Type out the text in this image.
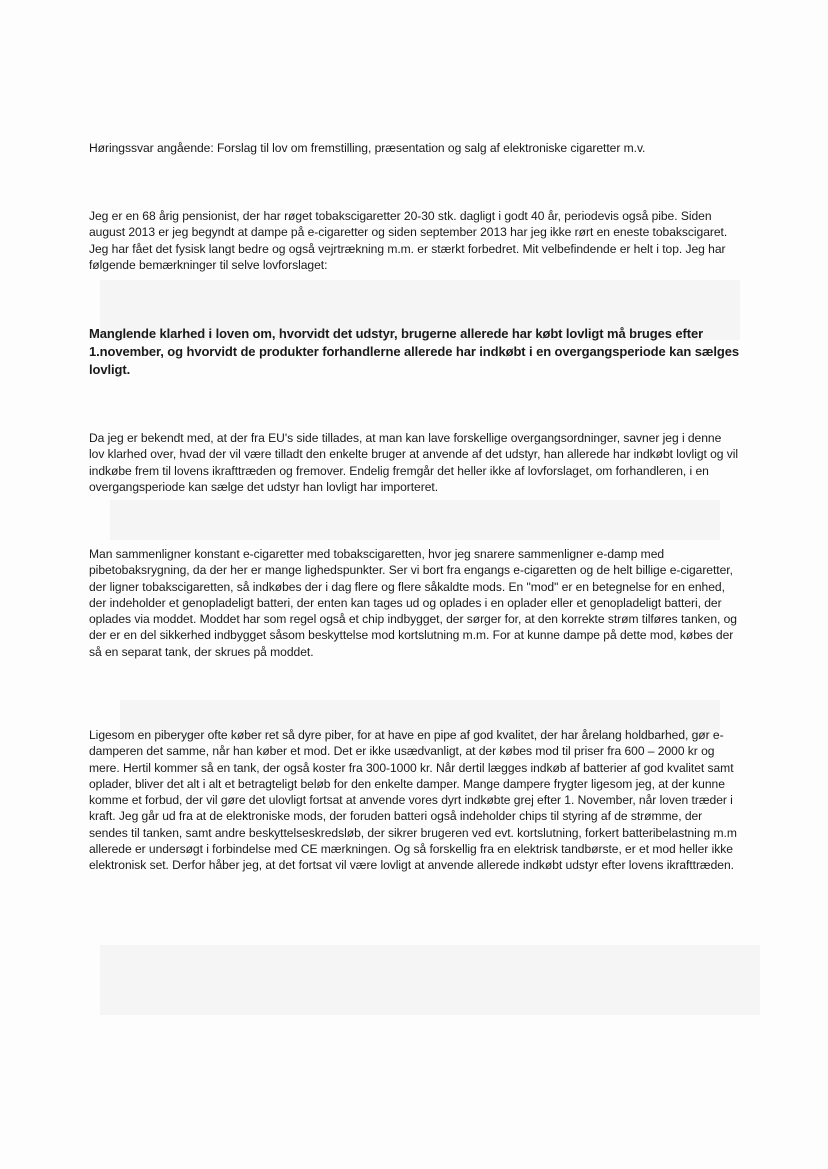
Høringssvar angående: Forslag til lov om fremstilling, præsentation og salg af elektroniske cigaretter m.v.

Jeg er en 68 årig pensionist, der har røget tobakscigaretter 20-30 stk. dagligt i godt 40 år, periodevis også pibe. Siden august 2013 er jeg begyndt at dampe på e-cigaretter og siden september 2013 har jeg ikke rørt en eneste tobakscigaret. Jeg har fået det fysisk langt bedre og også vejrtrækning m.m. er stærkt forbedret. Mit velbefindende er helt i top. Jeg har følgende bemærkninger til selve lovforslaget:

Manglende klarhed i loven om, hvorvidt det udstyr, brugerne allerede har købt lovligt må bruges efter 1.november, og hvorvidt de produkter forhandlerne allerede har indkøbt i en overgangsperiode kan sælges lovligt.

Da jeg er bekendt med, at der fra EU's side tillades, at man kan lave forskellige overgangsordninger, savner jeg i denne lov klarhed over, hvad der vil være tilladt den enkelte bruger at anvende af det udstyr, han allerede har indkøbt lovligt og vil indkøbe frem til lovens ikrafttræden og fremover. Endelig fremgår det heller ikke af lovforslaget, om forhandleren, i en overgangsperiode kan sælge det udstyr han lovligt har importeret.

Man sammenligner konstant e-cigaretter med tobakscigaretten, hvor jeg snarere sammenligner e-damp med pibetobaksrygning, da der her er mange lighedspunkter. Ser vi bort fra engangs e-cigaretten og de helt billige e-cigaretter, der ligner tobakscigaretten, så indkøbes der i dag flere og flere såkaldte mods. En "mod" er en betegnelse for en enhed, der indeholder et genopladeligt batteri, der enten kan tages ud og oplades i en oplader eller et genopladeligt batteri, der oplades via moddet. Moddet har som regel også et chip indbygget, der sørger for, at den korrekte strøm tilføres tanken, og der er en del sikkerhed indbygget såsom beskyttelse mod kortslutning m.m. For at kunne dampe på dette mod, købes der så en separat tank, der skrues på moddet.

Ligesom en piberyger ofte køber ret så dyre piber, for at have en pipe af god kvalitet, der har årelang holdbarhed, gør e-damperen det samme, når han køber et mod. Det er ikke usædvanligt, at der købes mod til priser fra 600 – 2000 kr og mere. Hertil kommer så en tank, der også koster fra 300-1000 kr. Når dertil lægges indkøb af batterier af god kvalitet samt oplader, bliver det alt i alt et betragteligt beløb for den enkelte damper. Mange dampere frygter ligesom jeg, at der kunne komme et forbud, der vil gøre det ulovligt fortsat at anvende vores dyrt indkøbte grej efter 1. November, når loven træder i kraft. Jeg går ud fra at de elektroniske mods, der foruden batteri også indeholder chips til styring af de strømme, der sendes til tanken, samt andre beskyttelseskredsløb, der sikrer brugeren ved evt. kortslutning, forkert batteribelastning m.m allerede er undersøgt i forbindelse med CE mærkningen. Og så forskellig fra en elektrisk tandbørste, er et mod heller ikke elektronisk set. Derfor håber jeg, at det fortsat vil være lovligt at anvende allerede indkøbt udstyr efter lovens ikrafttræden.
